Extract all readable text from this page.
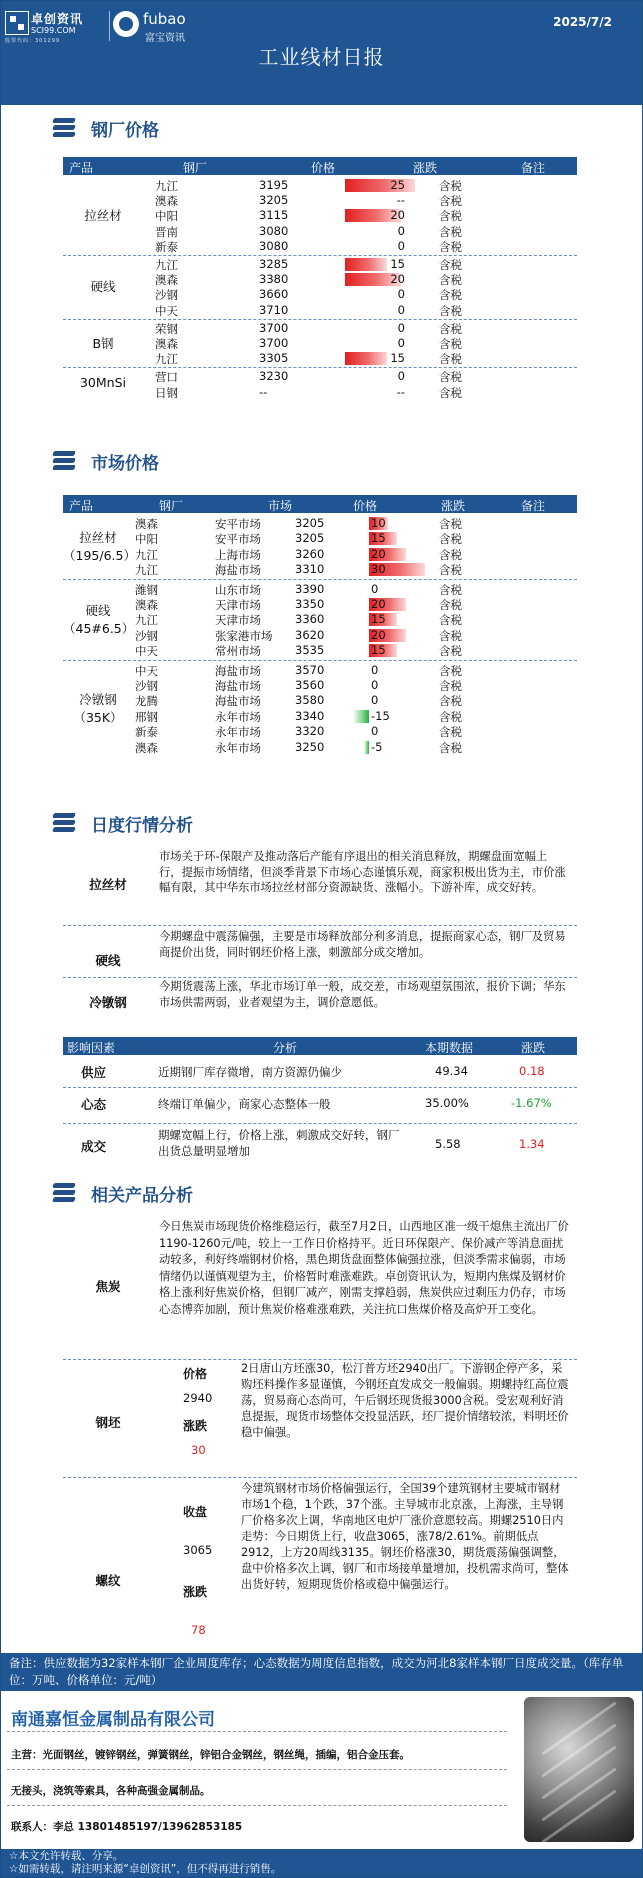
卓创资讯
SCI99.COM
股票代码：301299
fubao
富宝资讯
2025/7/2
工业线材日报
钢厂价格
产品	钢厂	价格	涨跌	备注
九江	3195	25	含税
澳森	3205	--	含税
中阳	3115	20	含税
晋南	3080	0	含税
新泰	3080	0	含税
拉丝材
九江	3285	15	含税
澳森	3380	20	含税
沙钢	3660	0	含税
中天	3710	0	含税
硬线
荣钢	3700	0	含税
澳森	3700	0	含税
九江	3305	15	含税
B钢
营口	3230	0	含税
日钢	--	--	含税
30MnSi
市场价格
产品	钢厂	市场	价格	涨跌	备注
澳森	安平市场	3205	10	含税
中阳	安平市场	3205	15	含税
九江	上海市场	3260	20	含税
九江	海盐市场	3310	30	含税
拉丝材
（195/6.5）
潍钢	山东市场	3390	0	含税
澳森	天津市场	3350	20	含税
九江	天津市场	3360	15	含税
沙钢	张家港市场 3620	20	含税
中天	常州市场	3535	15	含税
硬线
（45#6.5）
中天	海盐市场	3570	0	含税
沙钢	海盐市场	3560	0	含税
龙腾	海盐市场	3580	0	含税
邢钢	永年市场	3340	-15	含税
新泰	永年市场	3320	0	含税
澳森	永年市场	3250	-5	含税
冷镦钢
（35K）
日度行情分析
拉丝材
市场关于环-保限产及推动落后产能有序退出的相关消息释放，期螺盘面宽幅上行，提振市场情绪，但淡季背景下市场心态谨慎乐观，商家积极出货为主，市价涨幅有限，其中华东市场拉丝材部分资源缺货、涨幅小。下游补库，成交好转。
硬线
今期螺盘中震荡偏强，主要是市场释放部分利多消息，提振商家心态，钢厂及贸易商提价出货，同时钢坯价格上涨，刺激部分成交增加。
冷镦钢
今期货震荡上涨，华北市场订单一般，成交差，市场观望氛围浓，报价下调；华东市场供需两弱，业者观望为主，调价意愿低。
影响因素	分析	本期数据	涨跌
供应	近期钢厂库存微增，南方资源仍偏少	49.34	0.18
心态	终端订单偏少，商家心态整体一般	35.00%	-1.67%
成交
期螺宽幅上行，价格上涨，刺激成交好转，钢厂出货总量明显增加	5.58	1.34
相关产品分析
焦炭
今日焦炭市场现货价格维稳运行，截至7月2日，山西地区准一级干熄焦主流出厂价1190-1260元/吨，较上一工作日价格持平。近日环保限产、保价减产等消息面扰动较多，利好终端钢材价格，黑色期货盘面整体偏强拉涨，但淡季需求偏弱，市场情绪仍以谨慎观望为主，价格暂时难涨难跌。卓创资讯认为，短期内焦煤及钢材价格上涨利好焦炭价格，但钢厂减产，刚需支撑趋弱，焦炭供应过剩压力仍存，市场心态博弈加剧，预计焦炭价格难涨难跌，关注抗口焦煤价格及高炉开工变化。
钢坯
价格
2940
涨跌
30
2日唐山方坯涨30，松汀普方坯2940出厂。下游钢企停产多，采购坯料操作多显谨慎，今钢坯直发成交一般偏弱。期螺持红高位震荡，贸易商心态尚可，午后钢坯现货报3000含税。受宏观利好消息提振，现货市场整体交投显活跃，坯厂提价情绪较浓，料明坯价稳中偏强。
螺纹
收盘
3065
涨跌
78
今建筑钢材市场价格偏强运行，全国39个建筑钢材主要城市钢材市场1个稳，1个跌，37个涨。主导城市北京涨，上海涨，主导钢厂价格多次上调，华南地区电炉厂涨价意愿较高。期螺2510日内走势：今日期货上行，收盘3065，涨78/2.61%。前期低点2912，上方20周线3135。钢坯价格涨30，期货震荡偏强调整，盘中价格多次上调，钢厂和市场接单量增加，投机需求尚可，整体出货好转，短期现货价格或稳中偏强运行。
备注：供应数据为32家样本钢厂企业周度库存；心态数据为周度信息指数，成交为河北8家样本钢厂日度成交量。（库存单位：万吨、价格单位：元/吨）
南通嘉恒金属制品有限公司
主营：光面钢丝，镀锌钢丝，弹簧钢丝，锌铝合金钢丝，钢丝绳，插编，铝合金压套。
无接头，浇筑等索具，各种高强金属制品。
联系人：李总 13801485197/13962853185
☆本文允许转载、分享。
☆如需转载，请注明来源“卓创资讯”，但不得再进行销售。
